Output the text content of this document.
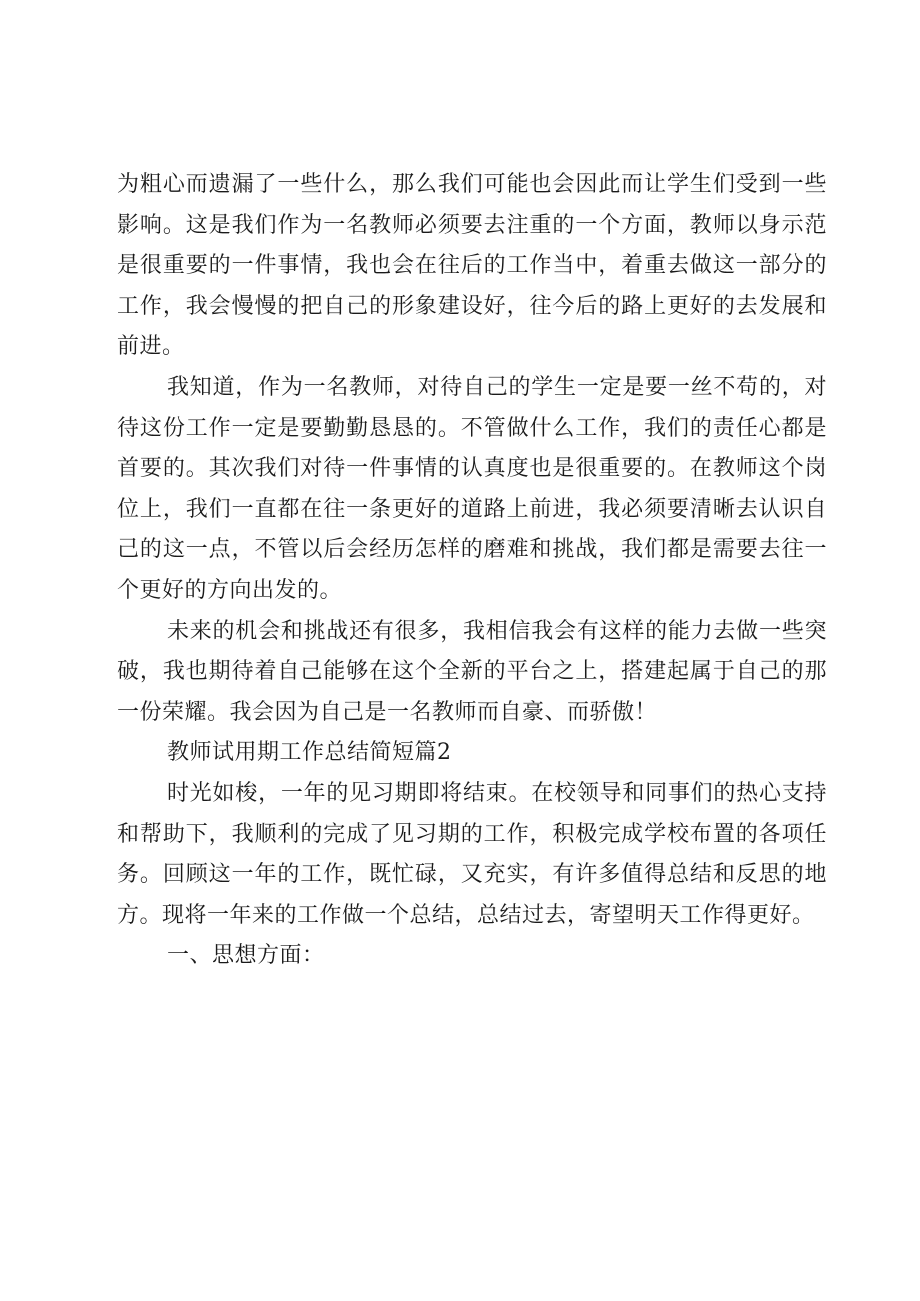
为粗心而遗漏了一些什么，那么我们可能也会因此而让学生们受到一些影响。这是我们作为一名教师必须要去注重的一个方面，教师以身示范是很重要的一件事情，我也会在往后的工作当中，着重去做这一部分的工作，我会慢慢的把自己的形象建设好，往今后的路上更好的去发展和前进。

我知道，作为一名教师，对待自己的学生一定是要一丝不苟的，对待这份工作一定是要勤勤恳恳的。不管做什么工作，我们的责任心都是首要的。其次我们对待一件事情的认真度也是很重要的。在教师这个岗位上，我们一直都在往一条更好的道路上前进，我必须要清晰去认识自己的这一点，不管以后会经历怎样的磨难和挑战，我们都是需要去往一个更好的方向出发的。

未来的机会和挑战还有很多，我相信我会有这样的能力去做一些突破，我也期待着自己能够在这个全新的平台之上，搭建起属于自己的那一份荣耀。我会因为自己是一名教师而自豪、而骄傲！

教师试用期工作总结简短篇2

时光如梭，一年的见习期即将结束。在校领导和同事们的热心支持和帮助下，我顺利的完成了见习期的工作，积极完成学校布置的各项任务。回顾这一年的工作，既忙碌，又充实，有许多值得总结和反思的地方。现将一年来的工作做一个总结，总结过去，寄望明天工作得更好。

一、思想方面：
